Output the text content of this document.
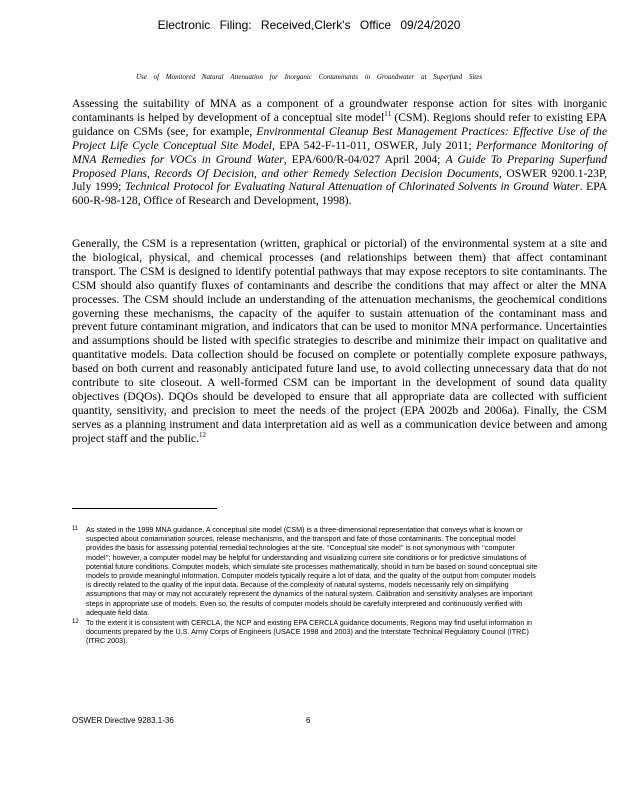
Electronic Filing: Received,Clerk's Office 09/24/2020
Use of Monitored Natural Attenuation for Inorganic Contaminants in Groundwater at Superfund Sites

Assessing the suitability of MNA as a component of a groundwater response action for sites with inorganic contaminants is helped by development of a conceptual site model$^{11}$ (CSM). Regions should refer to existing EPA guidance on CSMs (see, for example, Environmental Cleanup Best Management Practices: Effective Use of the Project Life Cycle Conceptual Site Model, EPA 542-F-11-011, OSWER, July 2011; Performance Monitoring of MNA Remedies for VOCs in Ground Water, EPA/600/R-04/027 April 2004; A Guide To Preparing Superfund Proposed Plans, Records Of Decision, and other Remedy Selection Decision Documents, OSWER 9200.1-23P, July 1999; Technical Protocol for Evaluating Natural Attenuation of Chlorinated Solvents in Ground Water. EPA 600-R-98-128, Office of Research and Development, 1998).

Generally, the CSM is a representation (written, graphical or pictorial) of the environmental system at a site and the biological, physical, and chemical processes (and relationships between them) that affect contaminant transport. The CSM is designed to identify potential pathways that may expose receptors to site contaminants. The CSM should also quantify fluxes of contaminants and describe the conditions that may affect or alter the MNA processes. The CSM should include an understanding of the attenuation mechanisms, the geochemical conditions governing these mechanisms, the capacity of the aquifer to sustain attenuation of the contaminant mass and prevent future contaminant migration, and indicators that can be used to monitor MNA performance. Uncertainties and assumptions should be listed with specific strategies to describe and minimize their impact on qualitative and quantitative models. Data collection should be focused on complete or potentially complete exposure pathways, based on both current and reasonably anticipated future land use, to avoid collecting unnecessary data that do not contribute to site closeout. A well-formed CSM can be important in the development of sound data quality objectives (DQOs). DQOs should be developed to ensure that all appropriate data are collected with sufficient quantity, sensitivity, and precision to meet the needs of the project (EPA 2002b and 2006a). Finally, the CSM serves as a planning instrument and data interpretation aid as well as a communication device between and among project staff and the public.$^{12}$

11 As stated in the 1999 MNA guidance, A conceptual site model (CSM) is a three-dimensional representation that conveys what is known or suspected about contamination sources, release mechanisms, and the transport and fate of those contaminants. The conceptual model provides the basis for assessing potential remedial technologies at the site. ‘‘Conceptual site model’’ is not synonymous with ‘‘computer model’’; however, a computer model may be helpful for understanding and visualizing current site conditions or for predictive simulations of potential future conditions. Computer models, which simulate site processes mathematically, should in turn be based on sound conceptual site models to provide meaningful information. Computer models typically require a lot of data, and the quality of the output from computer models is directly related to the quality of the input data. Because of the complexity of natural systems, models necessarily rely on simplifying assumptions that may or may not accurately represent the dynamics of the natural system. Calibration and sensitivity analyses are important steps in appropriate use of models. Even so, the results of computer models should be carefully interpreted and continuously verified with adequate field data.
12 To the extent it is consistent with CERCLA, the NCP and existing EPA CERCLA guidance documents, Regions may find useful information in documents prepared by the U.S. Army Corps of Engineers (USACE 1998 and 2003) and the Interstate Technical Regulatory Council (ITRC) (ITRC 2003).
OSWER Directive 9283.1-36	6
